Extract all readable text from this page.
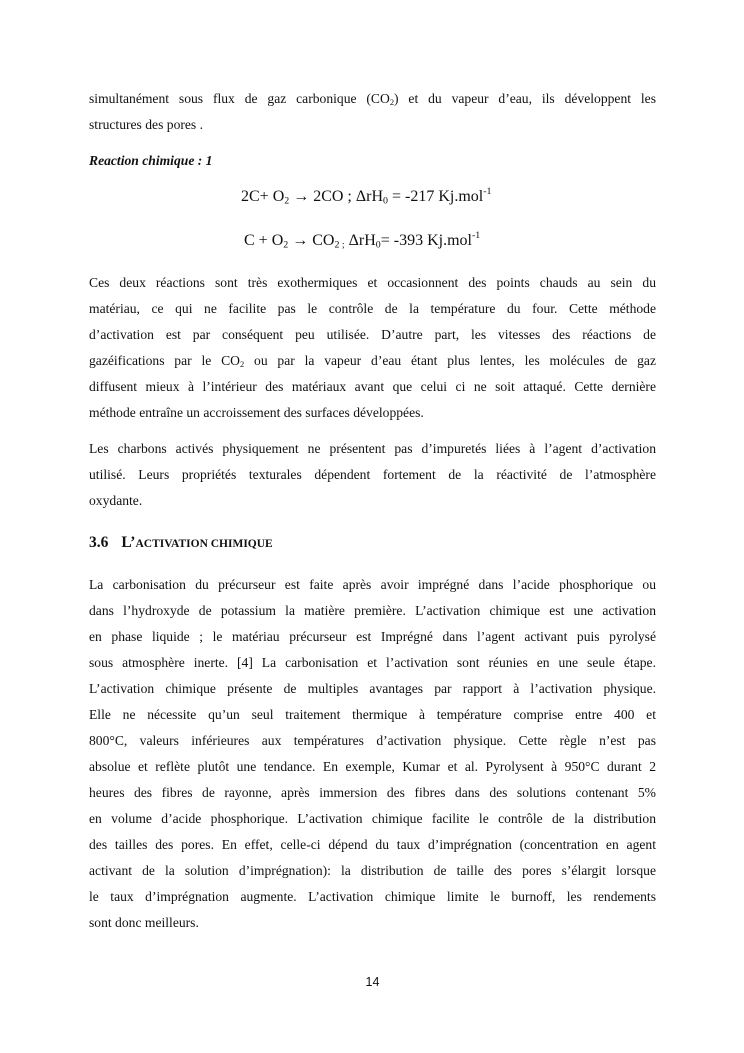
simultanément sous flux de gaz carbonique $(CO_2)$ et du vapeur d’eau, ils développent les
structures des pores .

Reaction chimique : 1

$2C+ O_2 \to 2CO$ ; ΔrH$_0$ = -217 Kj.mol$^{-1}$

$C + O_2 \to CO_{2 ;}$ ΔrH$_0$= -393 Kj.mol$^{-1}$

Ces deux réactions sont très exothermiques et occasionnent des points chauds au sein du
matériau, ce qui ne facilite pas le contrôle de la température du four. Cette méthode
d’activation est par conséquent peu utilisée. D’autre part, les vitesses des réactions de
gazéifications par le $CO_2$ ou par la vapeur d’eau étant plus lentes, les molécules de gaz
diffusent mieux à l’intérieur des matériaux avant que celui ci ne soit attaqué. Cette dernière
méthode entraîne un accroissement des surfaces développées.

Les charbons activés physiquement ne présentent pas d’impuretés liées à l’agent d’activation
utilisé. Leurs propriétés texturales dépendent fortement de la réactivité de l’atmosphère
oxydante.

3.6 L’ACTIVATION CHIMIQUE

La carbonisation du précurseur est faite après avoir imprégné dans l’acide phosphorique ou
dans l’hydroxyde de potassium la matière première. L’activation chimique est une activation
en phase liquide ; le matériau précurseur est Imprégné dans l’agent activant puis pyrolysé
sous atmosphère inerte. [4] La carbonisation et l’activation sont réunies en une seule étape.
L’activation chimique présente de multiples avantages par rapport à l’activation physique.
Elle ne nécessite qu’un seul traitement thermique à température comprise entre 400 et
800°C, valeurs inférieures aux températures d’activation physique. Cette règle n’est pas
absolue et reflète plutôt une tendance. En exemple, Kumar et al. Pyrolysent à 950°C durant 2
heures des fibres de rayonne, après immersion des fibres dans des solutions contenant 5%
en volume d’acide phosphorique. L’activation chimique facilite le contrôle de la distribution
des tailles des pores. En effet, celle-ci dépend du taux d’imprégnation (concentration en agent
activant de la solution d’imprégnation): la distribution de taille des pores s’élargit lorsque
le taux d’imprégnation augmente. L’activation chimique limite le burnoff, les rendements
sont donc meilleurs.

14
